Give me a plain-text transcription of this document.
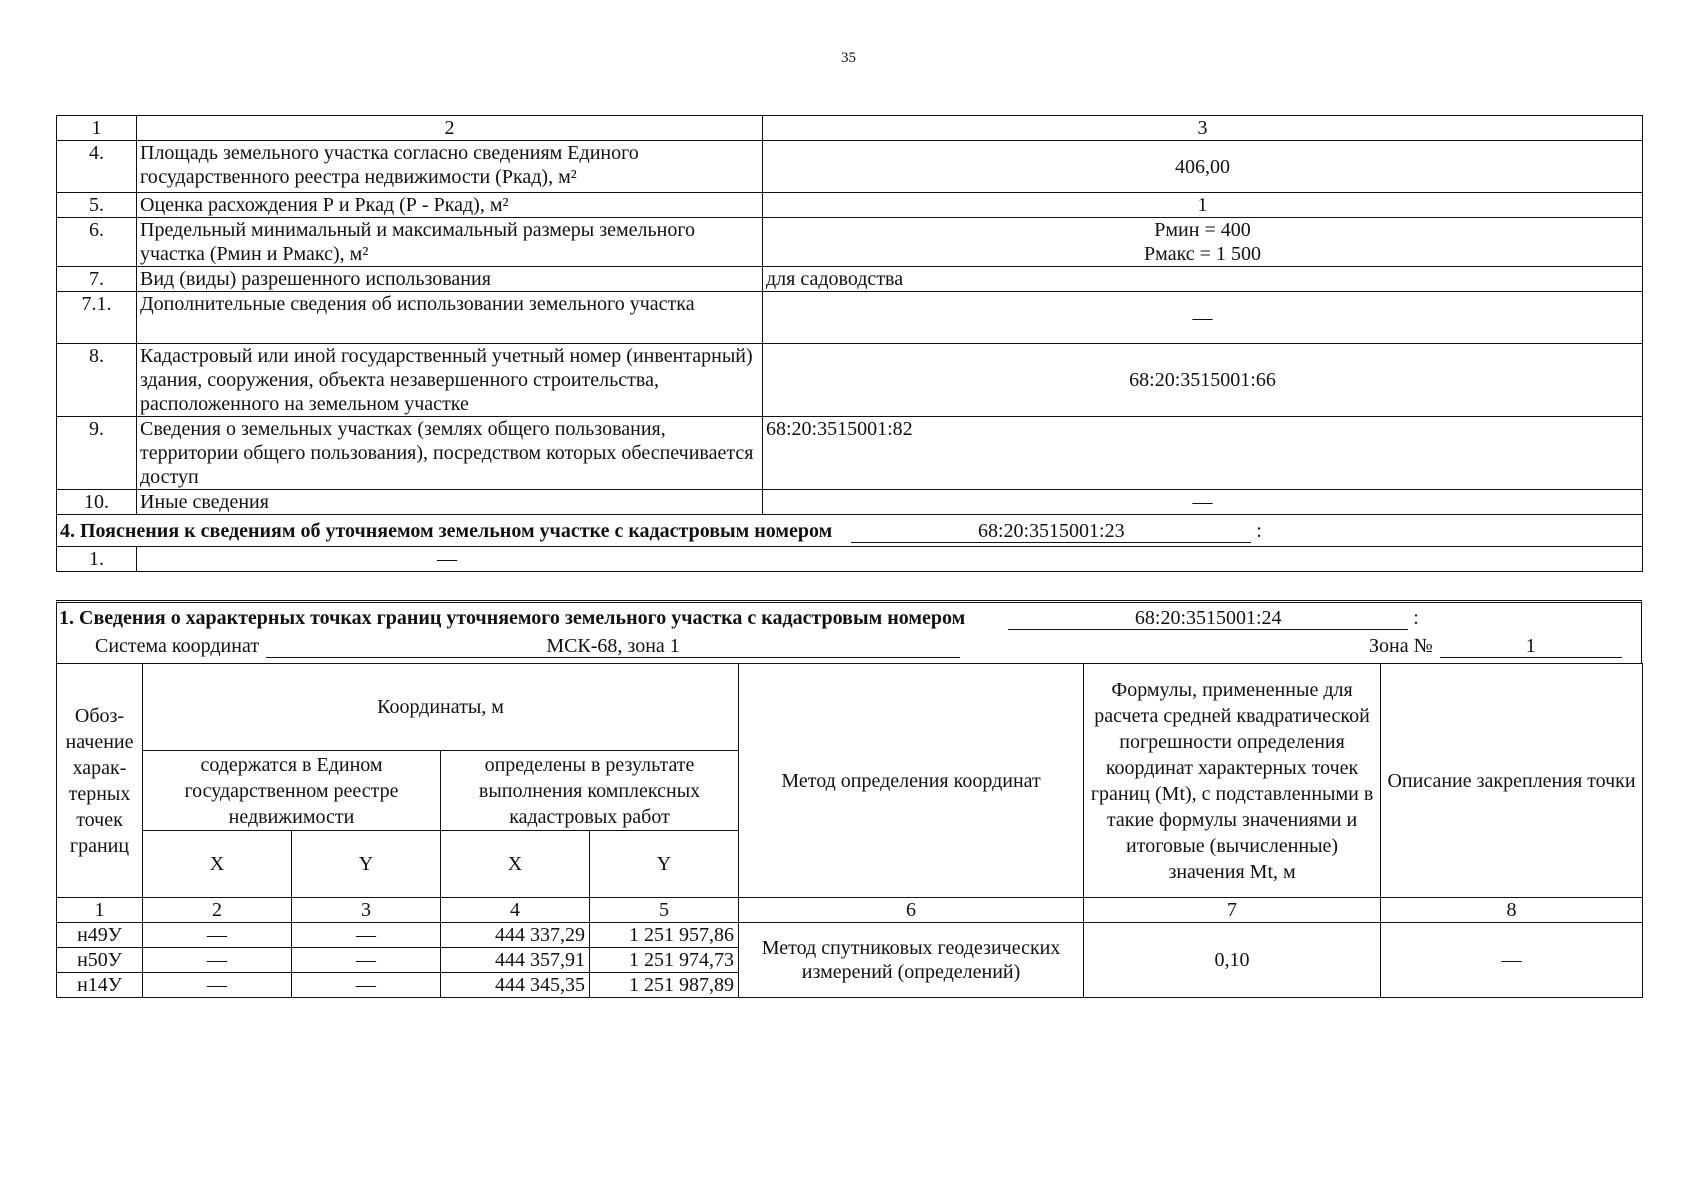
35
1	2	3
4.	Площадь земельного участка согласно сведениям Единого государственного реестра недвижимости (Ркад), м²	406,00
5.	Оценка расхождения Р и Ркад (Р - Ркад), м²	1
6.	Предельный минимальный и максимальный размеры земельного участка (Рмин и Рмакс), м²	Рмин = 400
Рмакс = 1 500

7.	Вид (виды) разрешенного использования	для садоводства
7.1.	Дополнительные сведения об использовании земельного участка	—
8.	Кадастровый или иной государственный учетный номер (инвентарный) здания, сооружения, объекта незавершенного строительства, расположенного на земельном участке	68:20:3515001:66
9.	Сведения о земельных участках (землях общего пользования, территории общего пользования), посредством которых обеспечивается доступ	68:20:3515001:82
10.	Иные сведения	—
4. Пояснения к сведениям об уточняемом земельном участке с кадастровым номером 68:20:3515001:23 :		
1.	—	
1. Сведения о характерных точках границ уточняемого земельного участка с кадастровым номером	68:20:3515001:24	:
Система координат	МСК-68, зона 1	Зона №	1
Обоз-начение харак-терных точек границ	Координаты, м				Метод определения координат	Формулы, примененные для расчета средней квадратической погрешности определения координат характерных точек границ (Mt), с подставленными в такие формулы значениями и итоговые (вычисленные) значения Mt, м	Описание закрепления точки
	содержатся в Едином государственном реестре недвижимости		определены в результате выполнения комплексных кадастровых работ				
	X	Y	X	Y			
1	2	3	4	5	6	7	8
н49У	—	—	444 337,29	1 251 957,86	Метод спутниковых геодезических измерений (определений)	0,10	—
н50У	—	—	444 357,91	1 251 974,73			
н14У	—	—	444 345,35	1 251 987,89			
